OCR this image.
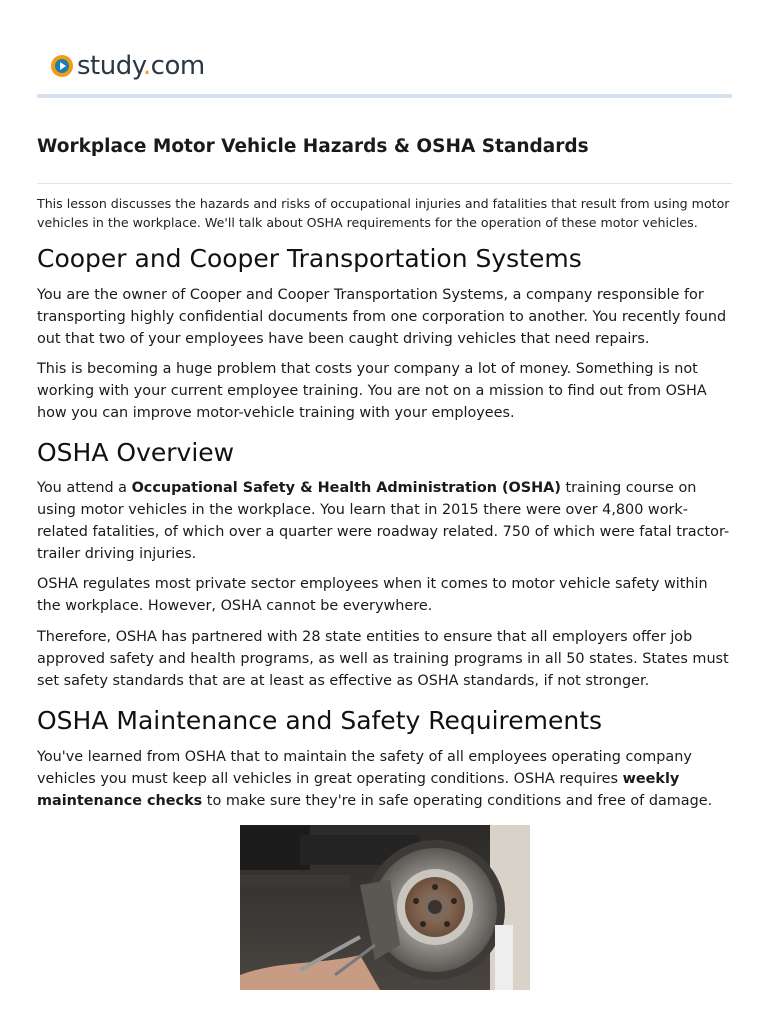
study.com
Workplace Motor Vehicle Hazards & OSHA Standards

This lesson discusses the hazards and risks of occupational injuries and fatalities that result from using motor vehicles in the workplace. We'll talk about OSHA requirements for the operation of these motor vehicles.

Cooper and Cooper Transportation Systems

You are the owner of Cooper and Cooper Transportation Systems, a company responsible for transporting highly confidential documents from one corporation to another. You recently found out that two of your employees have been caught driving vehicles that need repairs.

This is becoming a huge problem that costs your company a lot of money. Something is not working with your current employee training. You are not on a mission to find out from OSHA how you can improve motor-vehicle training with your employees.

OSHA Overview

You attend a Occupational Safety & Health Administration (OSHA) training course on using motor vehicles in the workplace. You learn that in 2015 there were over 4,800 work-related fatalities, of which over a quarter were roadway related. 750 of which were fatal tractor-trailer driving injuries.

OSHA regulates most private sector employees when it comes to motor vehicle safety within the workplace. However, OSHA cannot be everywhere.

Therefore, OSHA has partnered with 28 state entities to ensure that all employers offer job approved safety and health programs, as well as training programs in all 50 states. States must set safety standards that are at least as effective as OSHA standards, if not stronger.

OSHA Maintenance and Safety Requirements

You've learned from OSHA that to maintain the safety of all employees operating company vehicles you must keep all vehicles in great operating conditions. OSHA requires weekly maintenance checks to make sure they're in safe operating conditions and free of damage.
